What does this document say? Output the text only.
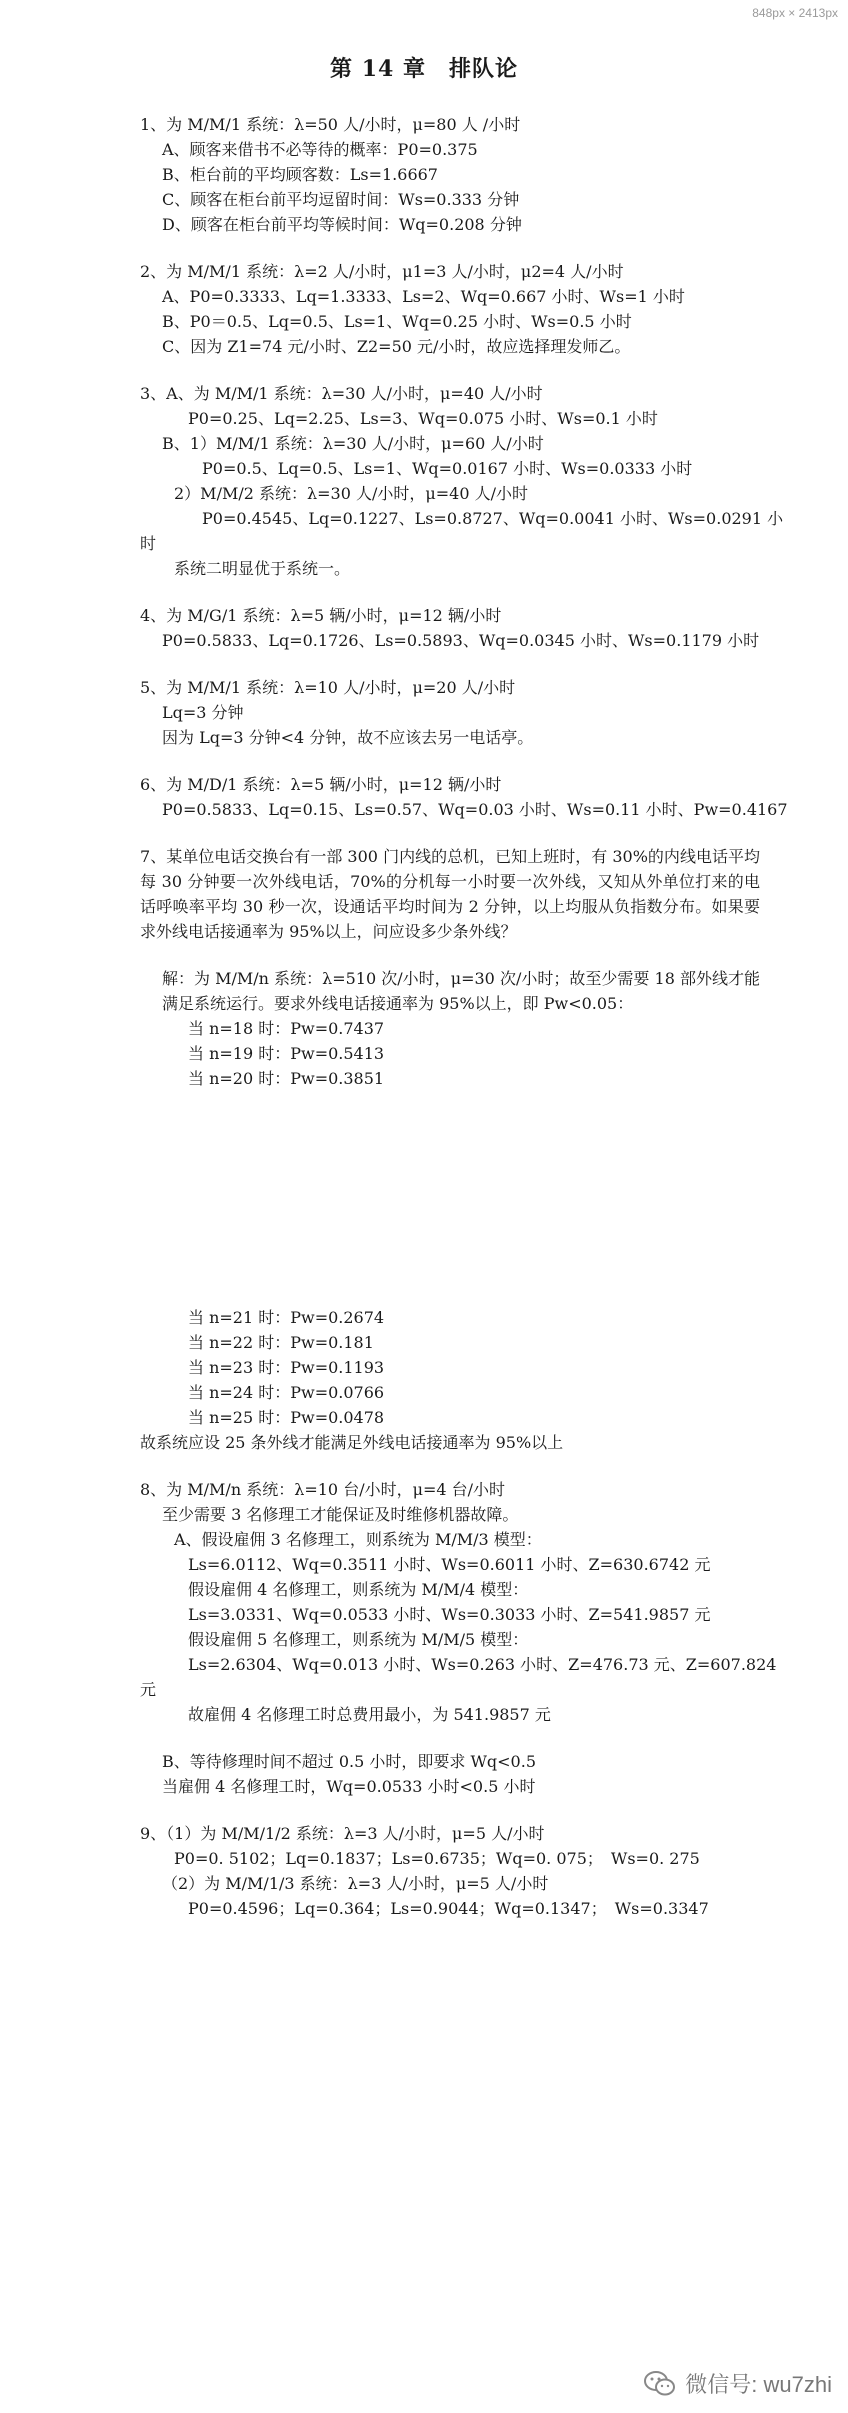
848px × 2413px
第 14 章　排队论
1、为 M/M/1 系统：λ=50 人/小时，μ=80 人 /小时
A、顾客来借书不必等待的概率：P0=0.375
B、柜台前的平均顾客数：Ls=1.6667
C、顾客在柜台前平均逗留时间：Ws=0.333 分钟
D、顾客在柜台前平均等候时间：Wq=0.208 分钟
2、为 M/M/1 系统：λ=2 人/小时，μ1=3 人/小时，μ2=4 人/小时
A、P0=0.3333、Lq=1.3333、Ls=2、Wq=0.667 小时、Ws=1 小时
B、P0＝0.5、Lq=0.5、Ls=1、Wq=0.25 小时、Ws=0.5 小时
C、因为 Z1=74 元/小时、Z2=50 元/小时，故应选择理发师乙。
3、A、为 M/M/1 系统：λ=30 人/小时，μ=40 人/小时
P0=0.25、Lq=2.25、Ls=3、Wq=0.075 小时、Ws=0.1 小时
B、1）M/M/1 系统：λ=30 人/小时，μ=60 人/小时
P0=0.5、Lq=0.5、Ls=1、Wq=0.0167 小时、Ws=0.0333 小时
2）M/M/2 系统：λ=30 人/小时，μ=40 人/小时
P0=0.4545、Lq=0.1227、Ls=0.8727、Wq=0.0041 小时、Ws=0.0291 小
时
系统二明显优于系统一。
4、为 M/G/1 系统：λ=5 辆/小时，μ=12 辆/小时
P0=0.5833、Lq=0.1726、Ls=0.5893、Wq=0.0345 小时、Ws=0.1179 小时
5、为 M/M/1 系统：λ=10 人/小时，μ=20 人/小时
Lq=3 分钟
因为 Lq=3 分钟<4 分钟，故不应该去另一电话亭。
6、为 M/D/1 系统：λ=5 辆/小时，μ=12 辆/小时
P0=0.5833、Lq=0.15、Ls=0.57、Wq=0.03 小时、Ws=0.11 小时、Pw=0.4167
7、某单位电话交换台有一部 300 门内线的总机，已知上班时，有 30%的内线电话平均每 30 分钟要一次外线电话，70%的分机每一小时要一次外线，又知从外单位打来的电话呼唤率平均 30 秒一次，设通话平均时间为 2 分钟，以上均服从负指数分布。如果要求外线电话接通率为 95%以上，问应设多少条外线？
解：为 M/M/n 系统：λ=510 次/小时，μ=30 次/小时；故至少需要 18 部外线才能满足系统运行。要求外线电话接通率为 95%以上，即 Pw<0.05：
当 n=18 时：Pw=0.7437
当 n=19 时：Pw=0.5413
当 n=20 时：Pw=0.3851
当 n=21 时：Pw=0.2674
当 n=22 时：Pw=0.181
当 n=23 时：Pw=0.1193
当 n=24 时：Pw=0.0766
当 n=25 时：Pw=0.0478
故系统应设 25 条外线才能满足外线电话接通率为 95%以上
8、为 M/M/n 系统：λ=10 台/小时，μ=4 台/小时
至少需要 3 名修理工才能保证及时维修机器故障。
A、假设雇佣 3 名修理工，则系统为 M/M/3 模型：
Ls=6.0112、Wq=0.3511 小时、Ws=0.6011 小时、Z=630.6742 元
假设雇佣 4 名修理工，则系统为 M/M/4 模型：
Ls=3.0331、Wq=0.0533 小时、Ws=0.3033 小时、Z=541.9857 元
假设雇佣 5 名修理工，则系统为 M/M/5 模型：
Ls=2.6304、Wq=0.013 小时、Ws=0.263 小时、Z=476.73 元、Z=607.824
元
故雇佣 4 名修理工时总费用最小，为 541.9857 元
B、等待修理时间不超过 0.5 小时，即要求 Wq<0.5
当雇佣 4 名修理工时，Wq=0.0533 小时<0.5 小时
9、（1）为 M/M/1/2 系统：λ=3 人/小时，μ=5 人/小时
P0=0. 5102；Lq=0.1837；Ls=0.6735；Wq=0. 075；　Ws=0. 275
（2）为 M/M/1/3 系统：λ=3 人/小时，μ=5 人/小时
P0=0.4596；Lq=0.364；Ls=0.9044；Wq=0.1347；　Ws=0.3347
微信号: wu7zhi
